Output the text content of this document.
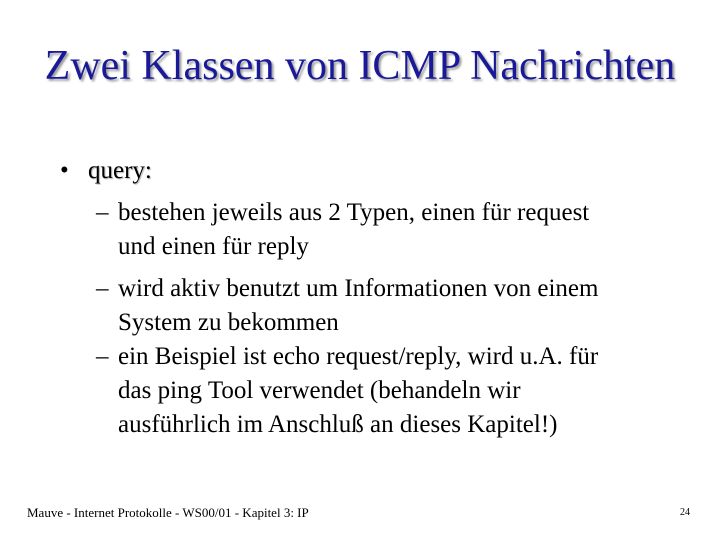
Zwei Klassen von ICMP Nachrichten
• query:
– bestehen jeweils aus 2 Typen, einen für request
und einen für reply
– wird aktiv benutzt um Informationen von einem
System zu bekommen
– ein Beispiel ist echo request/reply, wird u.A. für
das ping Tool verwendet (behandeln wir
ausführlich im Anschluß an dieses Kapitel!)
Mauve - Internet Protokolle - WS00/01 - Kapitel 3: IP	24
